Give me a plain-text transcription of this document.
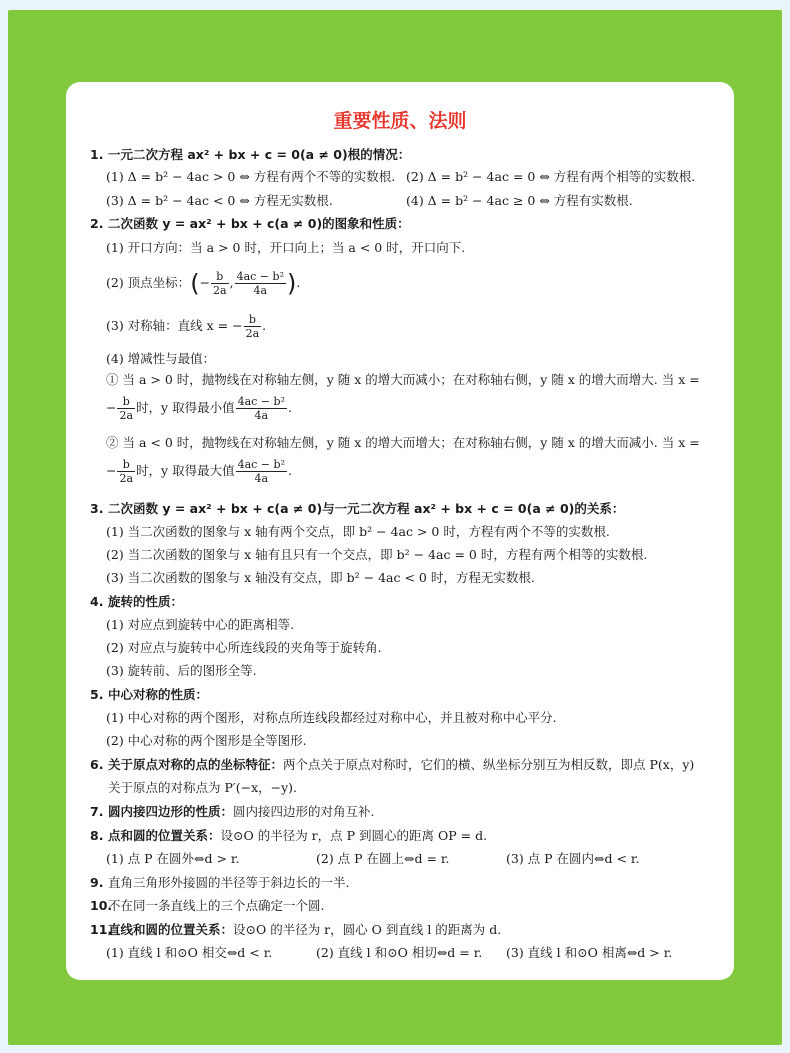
重要性质、法则
1. 一元二次方程 ax² + bx + c = 0(a ≠ 0)根的情况：
(1) Δ = b² − 4ac > 0 ⇔ 方程有两个不等的实数根. (2) Δ = b² − 4ac = 0 ⇔ 方程有两个相等的实数根.
(3) Δ = b² − 4ac < 0 ⇔ 方程无实数根.	(4) Δ = b² − 4ac ≥ 0 ⇔ 方程有实数根.
2. 二次函数 y = ax² + bx + c(a ≠ 0)的图象和性质：
(1) 开口方向：当 a > 0 时，开口向上；当 a < 0 时，开口向下.
(2) 顶点坐标：(− $\frac{b}{2a}$ , $\frac{\text{4ac − b²}}{4a}$ ).
(3) 对称轴：直线 x = − $\frac{b}{2a}$ .
(4) 增减性与最值：
① 当 a > 0 时，抛物线在对称轴左侧，y 随 x 的增大而减小；在对称轴右侧，y 随 x 的增大而增大. 当 x =
− $\frac{b}{2a}$ 时，y 取得最小值 $\frac{\text{4ac − b²}}{4a}$ .
② 当 a < 0 时，抛物线在对称轴左侧，y 随 x 的增大而增大；在对称轴右侧，y 随 x 的增大而减小. 当 x =
− $\frac{b}{2a}$ 时，y 取得最大值 $\frac{\text{4ac − b²}}{4a}$ .
3. 二次函数 y = ax² + bx + c(a ≠ 0)与一元二次方程 ax² + bx + c = 0(a ≠ 0)的关系：
(1) 当二次函数的图象与 x 轴有两个交点，即 b² − 4ac > 0 时，方程有两个不等的实数根.
(2) 当二次函数的图象与 x 轴有且只有一个交点，即 b² − 4ac = 0 时，方程有两个相等的实数根.
(3) 当二次函数的图象与 x 轴没有交点，即 b² − 4ac < 0 时，方程无实数根.
4. 旋转的性质：
(1) 对应点到旋转中心的距离相等.
(2) 对应点与旋转中心所连线段的夹角等于旋转角.
(3) 旋转前、后的图形全等.
5. 中心对称的性质：
(1) 中心对称的两个图形，对称点所连线段都经过对称中心，并且被对称中心平分.
(2) 中心对称的两个图形是全等图形.
6. 关于原点对称的点的坐标特征：两个点关于原点对称时，它们的横、纵坐标分别互为相反数，即点 P(x，y)
关于原点的对称点为 P′(−x，−y).
7. 圆内接四边形的性质：圆内接四边形的对角互补.
8. 点和圆的位置关系：设⊙O 的半径为 r，点 P 到圆心的距离 OP = d.
(1) 点 P 在圆外⇔d > r.	(2) 点 P 在圆上⇔d = r.	(3) 点 P 在圆内⇔d < r.
9. 直角三角形外接圆的半径等于斜边长的一半.
10.不在同一条直线上的三个点确定一个圆.
11.直线和圆的位置关系：设⊙O 的半径为 r，圆心 O 到直线 l 的距离为 d.
(1) 直线 l 和⊙O 相交⇔d < r.	(2) 直线 l 和⊙O 相切⇔d = r. (3) 直线 l 和⊙O 相离⇔d > r.
